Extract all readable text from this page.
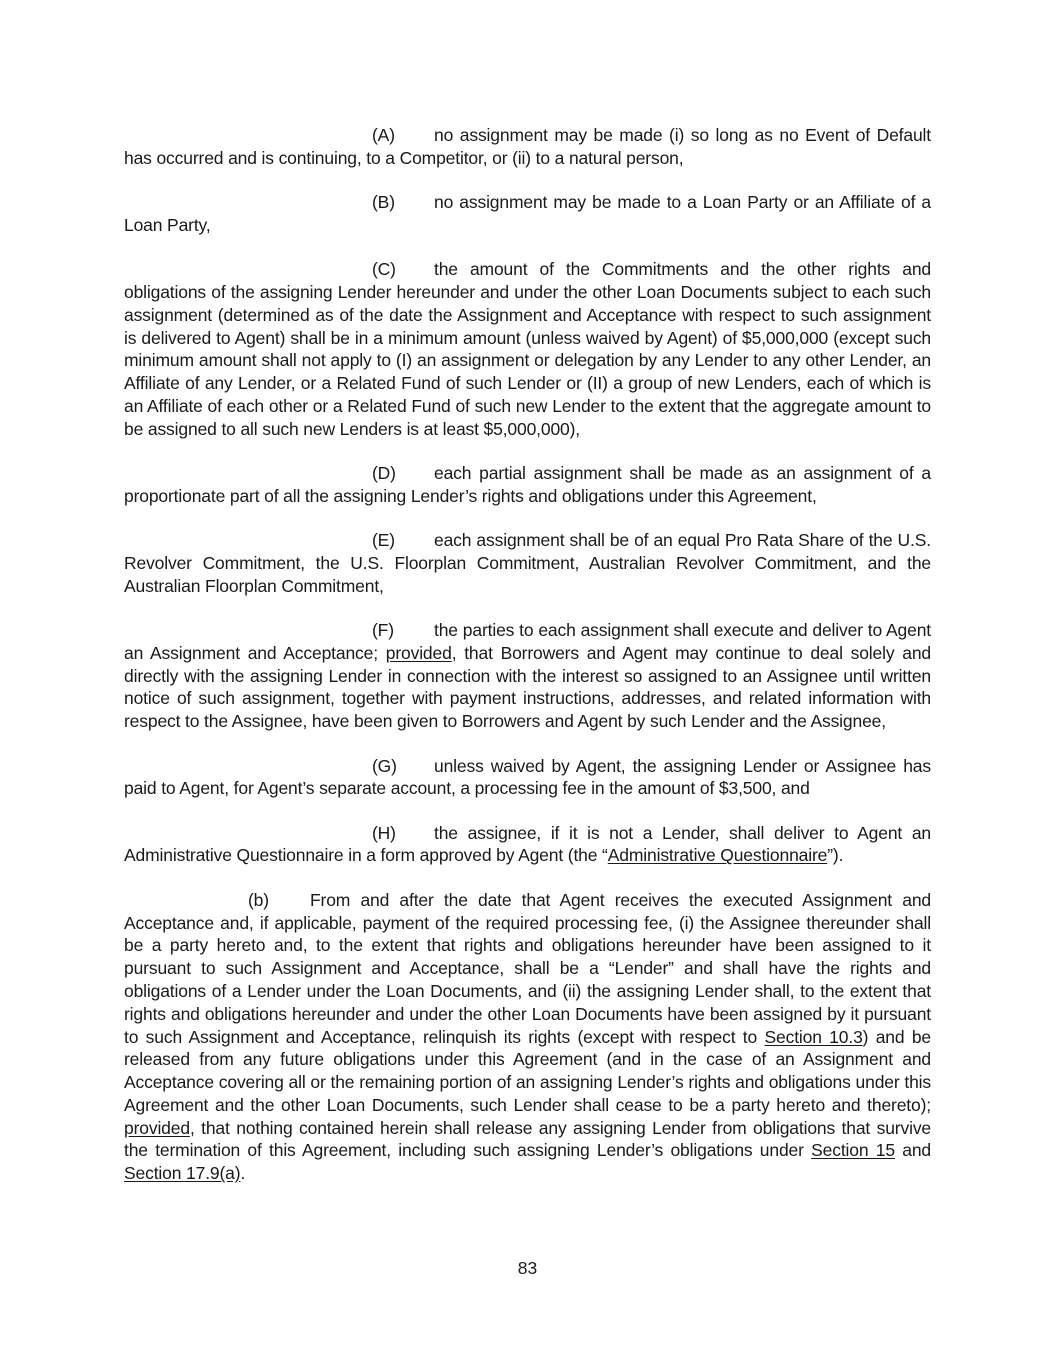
(A) no assignment may be made (i) so long as no Event of Default has occurred and is continuing, to a Competitor, or (ii) to a natural person,

(B) no assignment may be made to a Loan Party or an Affiliate of a Loan Party,

(C) the amount of the Commitments and the other rights and obligations of the assigning Lender hereunder and under the other Loan Documents subject to each such assignment (determined as of the date the Assignment and Acceptance with respect to such assignment is delivered to Agent) shall be in a minimum amount (unless waived by Agent) of $5,000,000 (except such minimum amount shall not apply to (I) an assignment or delegation by any Lender to any other Lender, an Affiliate of any Lender, or a Related Fund of such Lender or (II) a group of new Lenders, each of which is an Affiliate of each other or a Related Fund of such new Lender to the extent that the aggregate amount to be assigned to all such new Lenders is at least $5,000,000),

(D) each partial assignment shall be made as an assignment of a proportionate part of all the assigning Lender’s rights and obligations under this Agreement,

(E) each assignment shall be of an equal Pro Rata Share of the U.S. Revolver Commitment, the U.S. Floorplan Commitment, Australian Revolver Commitment, and the Australian Floorplan Commitment,

(F) the parties to each assignment shall execute and deliver to Agent an Assignment and Acceptance; provided, that Borrowers and Agent may continue to deal solely and directly with the assigning Lender in connection with the interest so assigned to an Assignee until written notice of such assignment, together with payment instructions, addresses, and related information with respect to the Assignee, have been given to Borrowers and Agent by such Lender and the Assignee,

(G) unless waived by Agent, the assigning Lender or Assignee has paid to Agent, for Agent’s separate account, a processing fee in the amount of $3,500, and

(H) the assignee, if it is not a Lender, shall deliver to Agent an Administrative Questionnaire in a form approved by Agent (the “Administrative Questionnaire”).

(b) From and after the date that Agent receives the executed Assignment and Acceptance and, if applicable, payment of the required processing fee, (i) the Assignee thereunder shall be a party hereto and, to the extent that rights and obligations hereunder have been assigned to it pursuant to such Assignment and Acceptance, shall be a “Lender” and shall have the rights and obligations of a Lender under the Loan Documents, and (ii) the assigning Lender shall, to the extent that rights and obligations hereunder and under the other Loan Documents have been assigned by it pursuant to such Assignment and Acceptance, relinquish its rights (except with respect to Section 10.3) and be released from any future obligations under this Agreement (and in the case of an Assignment and Acceptance covering all or the remaining portion of an assigning Lender’s rights and obligations under this Agreement and the other Loan Documents, such Lender shall cease to be a party hereto and thereto); provided, that nothing contained herein shall release any assigning Lender from obligations that survive the termination of this Agreement, including such assigning Lender’s obligations under Section 15 and Section 17.9(a).

83
